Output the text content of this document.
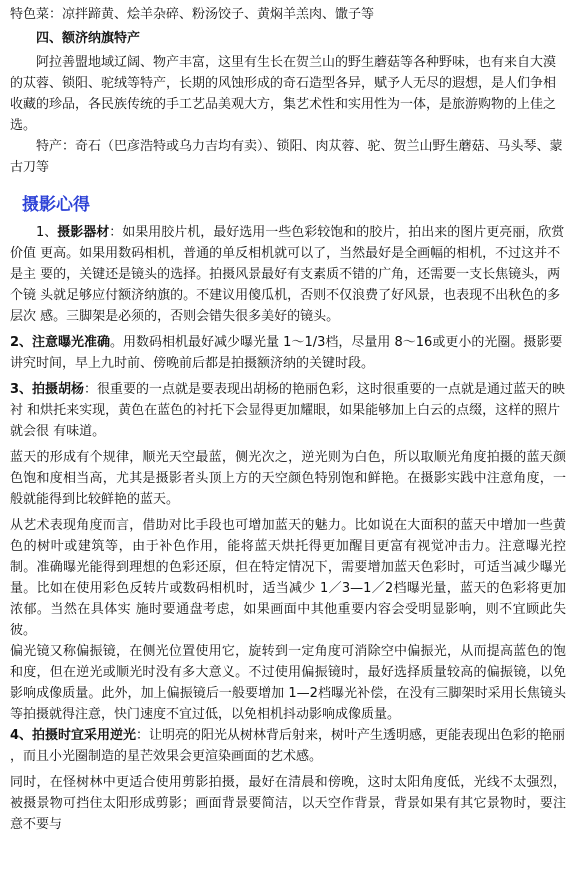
特色菜：凉拌蹄黄、烩羊杂碎、粉汤饺子、黄焖羊羔肉、馓子等

四、额济纳旗特产

阿拉善盟地域辽阔、物产丰富，这里有生长在贺兰山的野生蘑菇等各种野味，也有来自大漠的苁蓉、锁阳、驼绒等特产，长期的风蚀形成的奇石造型各异，赋予人无尽的遐想，是人们争相收藏的珍品，各民族传统的手工艺品美观大方，集艺术性和实用性为一体，是旅游购物的上佳之选。

特产：奇石（巴彦浩特或乌力吉均有卖）、锁阳、肉苁蓉、驼、贺兰山野生蘑菇、马头琴、蒙古刀等

摄影心得

1、摄影器材：如果用胶片机，最好选用一些色彩较饱和的胶片，拍出来的图片更亮丽，欣赏价值 更高。如果用数码相机，普通的单反相机就可以了，当然最好是全画幅的相机，不过这并不是主 要的，关键还是镜头的选择。拍摄风景最好有支素质不错的广角，还需要一支长焦镜头，两个镜 头就足够应付额济纳旗的。不建议用傻瓜机，否则不仅浪费了好风景，也表现不出秋色的多层次 感。三脚架是必须的，否则会错失很多美好的镜头。

2、注意曝光准确。用数码相机最好减少曝光量 1～1/3档，尽量用 8～16或更小的光圈。摄影要讲究时间，早上九时前、傍晚前后都是拍摄额济纳的关键时段。

3、拍摄胡杨：很重要的一点就是要表现出胡杨的艳丽色彩，这时很重要的一点就是通过蓝天的映衬 和烘托来实现，黄色在蓝色的衬托下会显得更加耀眼，如果能够加上白云的点缀，这样的照片就会很 有味道。

蓝天的形成有个规律，顺光天空最蓝，侧光次之，逆光则为白色，所以取顺光角度拍摄的蓝天颜色饱和度相当高，尤其是摄影者头顶上方的天空颜色特别饱和鲜艳。在摄影实践中注意角度，一般就能得到比较鲜艳的蓝天。

从艺术表现角度而言，借助对比手段也可增加蓝天的魅力。比如说在大面积的蓝天中增加一些黄色的树叶或建筑等，由于补色作用，能将蓝天烘托得更加醒目更富有视觉冲击力。注意曝光控制。准确曝光能得到理想的色彩还原，但在特定情况下，需要增加蓝天色彩时，可适当减少曝光量。比如在使用彩色反转片或数码相机时，适当减少 1／3—1／2档曝光量，蓝天的色彩将更加浓郁。当然在具体实 施时要通盘考虑，如果画面中其他重要内容会受明显影响，则不宜顾此失彼。

偏光镜又称偏振镜，在侧光位置使用它，旋转到一定角度可消除空中偏振光，从而提高蓝色的饱和度，但在逆光或顺光时没有多大意义。不过使用偏振镜时，最好选择质量较高的偏振镜，以免影响成像质量。此外，加上偏振镜后一般要增加 1—2档曝光补偿，在没有三脚架时采用长焦镜头等拍摄就得注意，快门速度不宜过低，以免相机抖动影响成像质量。

4、拍摄时宜采用逆光：让明亮的阳光从树林背后射来，树叶产生透明感，更能表现出色彩的艳丽 ，而且小光圈制造的星芒效果会更渲染画面的艺术感。

同时，在怪树林中更适合使用剪影拍摄，最好在清晨和傍晚，这时太阳角度低，光线不太强烈，被摄景物可挡住太阳形成剪影；画面背景要简洁，以天空作背景，背景如果有其它景物时，要注意不要与
